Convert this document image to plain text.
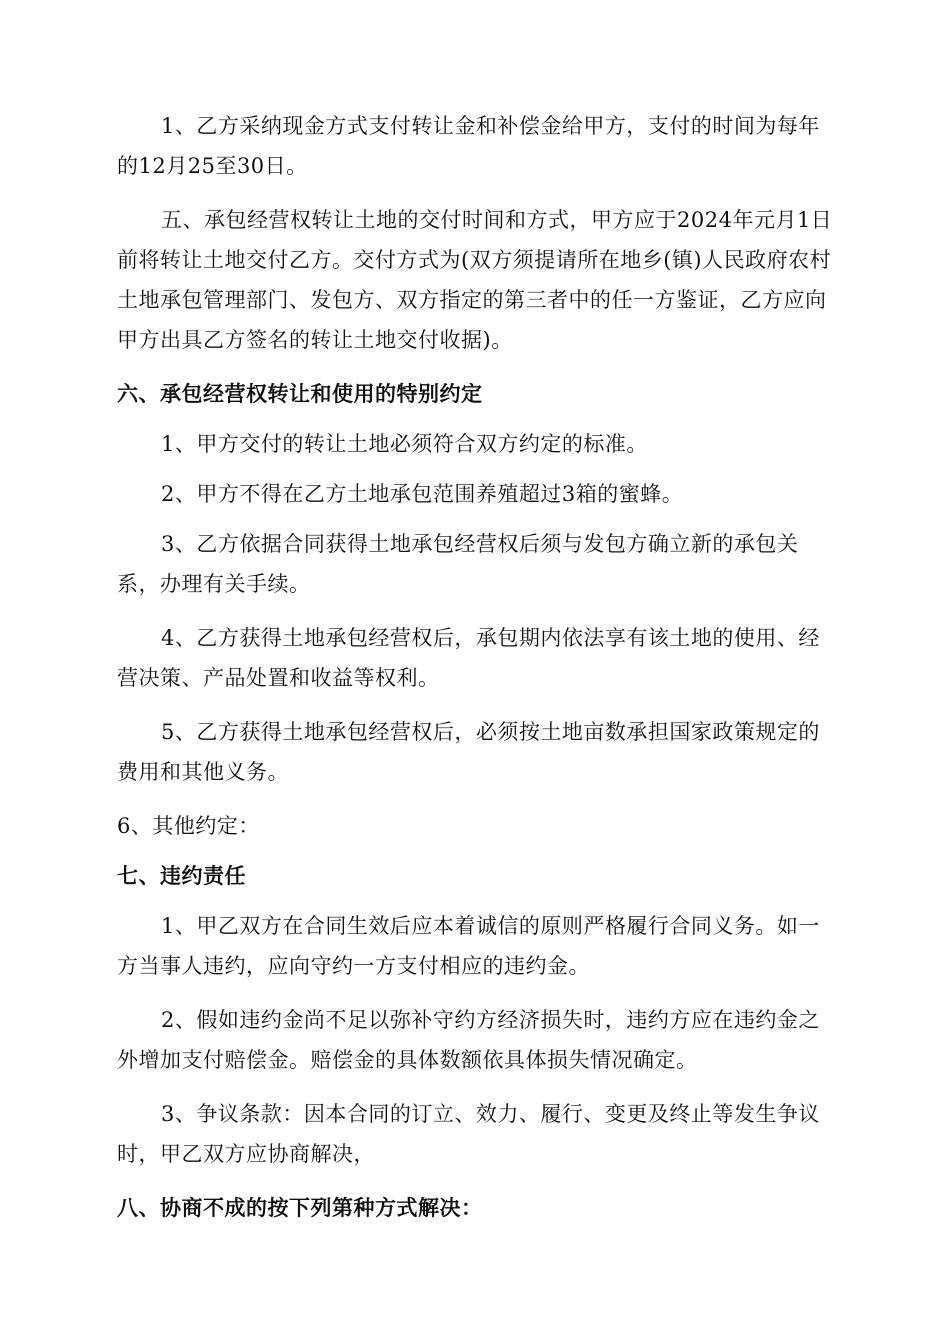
1、乙方采纳现金方式支付转让金和补偿金给甲方，支付的时间为每年的12月25至30日。

五、承包经营权转让土地的交付时间和方式，甲方应于2024年元月1日前将转让土地交付乙方。交付方式为(双方须提请所在地乡(镇)人民政府农村土地承包管理部门、发包方、双方指定的第三者中的任一方鉴证，乙方应向甲方出具乙方签名的转让土地交付收据)。

六、承包经营权转让和使用的特别约定

1、甲方交付的转让土地必须符合双方约定的标准。

2、甲方不得在乙方土地承包范围养殖超过3箱的蜜蜂。

3、乙方依据合同获得土地承包经营权后须与发包方确立新的承包关系，办理有关手续。

4、乙方获得土地承包经营权后，承包期内依法享有该土地的使用、经营决策、产品处置和收益等权利。

5、乙方获得土地承包经营权后，必须按土地亩数承担国家政策规定的费用和其他义务。

6、其他约定：

七、违约责任

1、甲乙双方在合同生效后应本着诚信的原则严格履行合同义务。如一方当事人违约，应向守约一方支付相应的违约金。

2、假如违约金尚不足以弥补守约方经济损失时，违约方应在违约金之外增加支付赔偿金。赔偿金的具体数额依具体损失情况确定。

3、争议条款：因本合同的订立、效力、履行、变更及终止等发生争议时，甲乙双方应协商解决，

八、协商不成的按下列第种方式解决：
